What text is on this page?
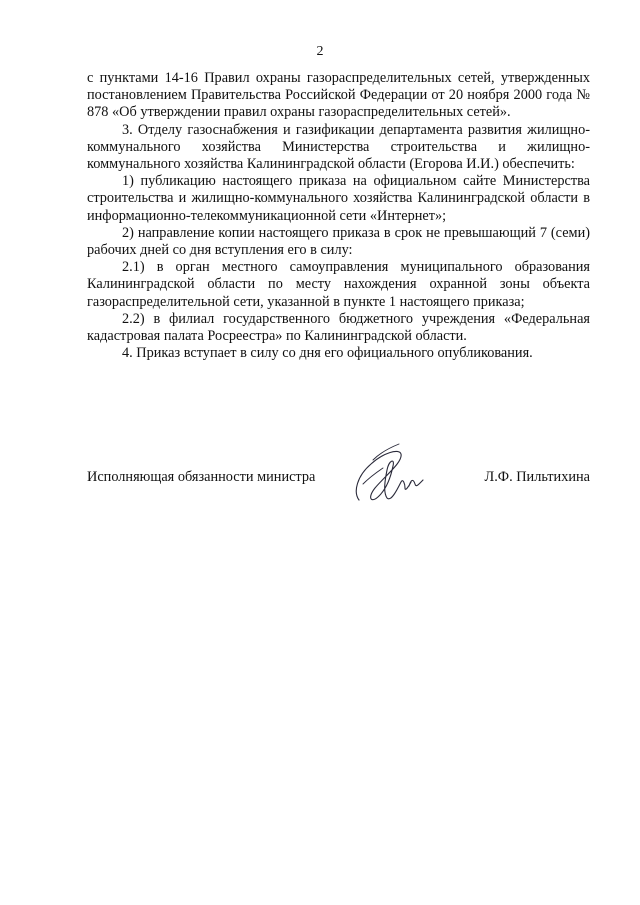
2

с пунктами 14-16 Правил охраны газораспределительных сетей, утвержденных постановлением Правительства Российской Федерации от 20 ноября 2000 года № 878 «Об утверждении правил охраны газораспределительных сетей».

3. Отделу газоснабжения и газификации департамента развития жилищно-коммунального хозяйства Министерства строительства и жилищно-коммунального хозяйства Калининградской области (Егорова И.И.) обеспечить:

1) публикацию настоящего приказа на официальном сайте Министерства строительства и жилищно-коммунального хозяйства Калининградской области в информационно-телекоммуникационной сети «Интернет»;

2) направление копии настоящего приказа в срок не превышающий 7 (семи) рабочих дней со дня вступления его в силу:

2.1) в орган местного самоуправления муниципального образования Калининградской области по месту нахождения охранной зоны объекта газораспределительной сети, указанной в пункте 1 настоящего приказа;

2.2) в филиал государственного бюджетного учреждения «Федеральная кадастровая палата Росреестра» по Калининградской области.

4. Приказ вступает в силу со дня его официального опубликования.

Исполняющая обязанности министра	Л.Ф. Пильтихина
